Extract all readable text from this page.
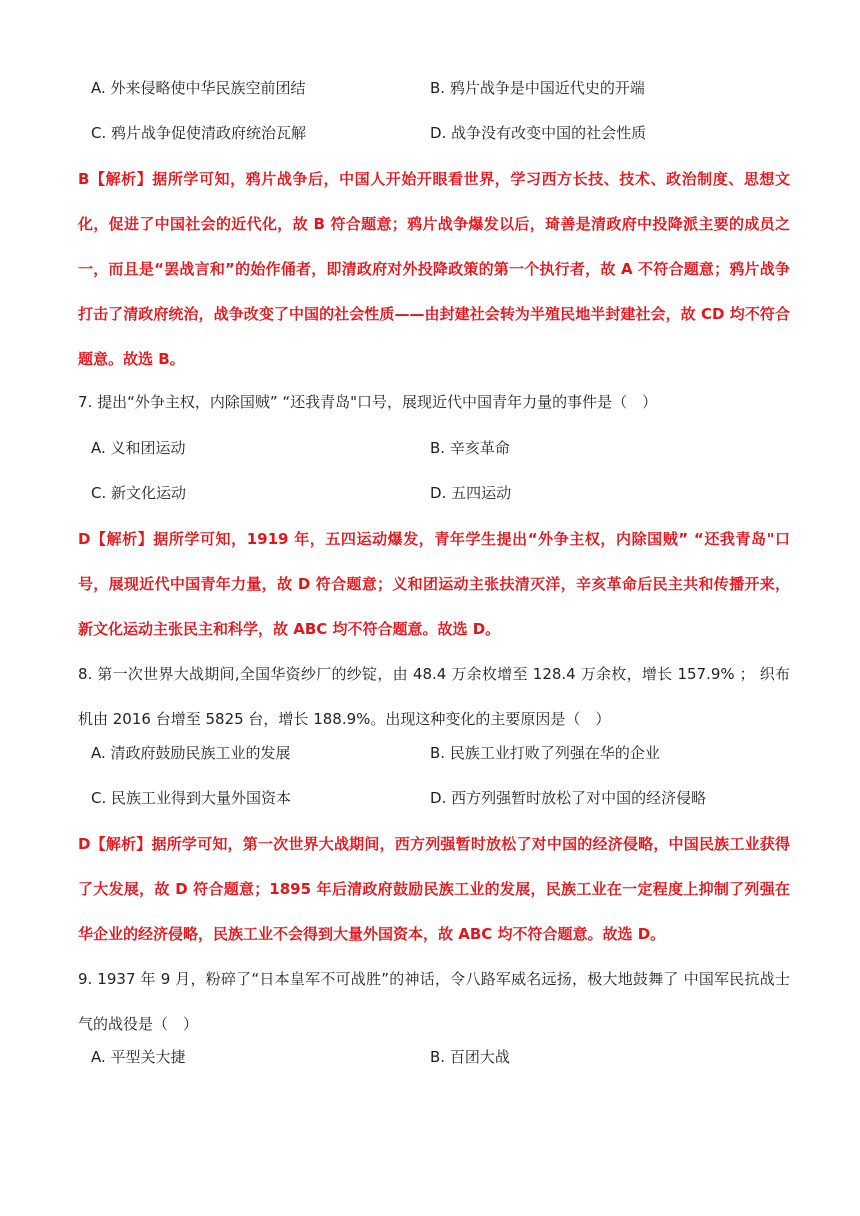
A. 外来侵略使中华民族空前团结	B. 鸦片战争是中国近代史的开端
C. 鸦片战争促使清政府统治瓦解	D. 战争没有改变中国的社会性质
B【解析】据所学可知，鸦片战争后，中国人开始开眼看世界，学习西方长技、技术、政治制度、思想文化，促进了中国社会的近代化，故 B 符合题意；鸦片战争爆发以后，琦善是清政府中投降派主要的成员之一，而且是“罢战言和”的始作俑者，即清政府对外投降政策的第一个执行者，故 A 不符合题意；鸦片战争打击了清政府统治，战争改变了中国的社会性质——由封建社会转为半殖民地半封建社会，故 CD 均不符合题意。故选 B。
7. 提出“外争主权，内除国贼” “还我青岛"口号，展现近代中国青年力量的事件是（　）
A. 义和团运动	B. 辛亥革命
C. 新文化运动	D. 五四运动
D【解析】据所学可知，1919 年，五四运动爆发，青年学生提出“外争主权，内除国贼” “还我青岛"口号，展现近代中国青年力量，故 D 符合题意；义和团运动主张扶清灭洋，辛亥革命后民主共和传播开来，新文化运动主张民主和科学，故 ABC 均不符合题意。故选 D。
8. 第一次世界大战期间,全国华资纱厂的纱锭，由 48.4 万余枚增至 128.4 万余枚，增长 157.9% ； 织布机由 2016 台增至 5825 台，增长 188.9%。出现这种变化的主要原因是（　）
A. 清政府鼓励民族工业的发展	B. 民族工业打败了列强在华的企业
C. 民族工业得到大量外国资本	D. 西方列强暂时放松了对中国的经济侵略
D【解析】据所学可知，第一次世界大战期间，西方列强暂时放松了对中国的经济侵略，中国民族工业获得了大发展，故 D 符合题意；1895 年后清政府鼓励民族工业的发展，民族工业在一定程度上抑制了列强在华企业的经济侵略，民族工业不会得到大量外国资本，故 ABC 均不符合题意。故选 D。
9. 1937 年 9 月，粉碎了“日本皇军不可战胜”的神话，令八路军威名远扬，极大地鼓舞了 中国军民抗战士气的战役是（　）
A. 平型关大捷	B. 百团大战
